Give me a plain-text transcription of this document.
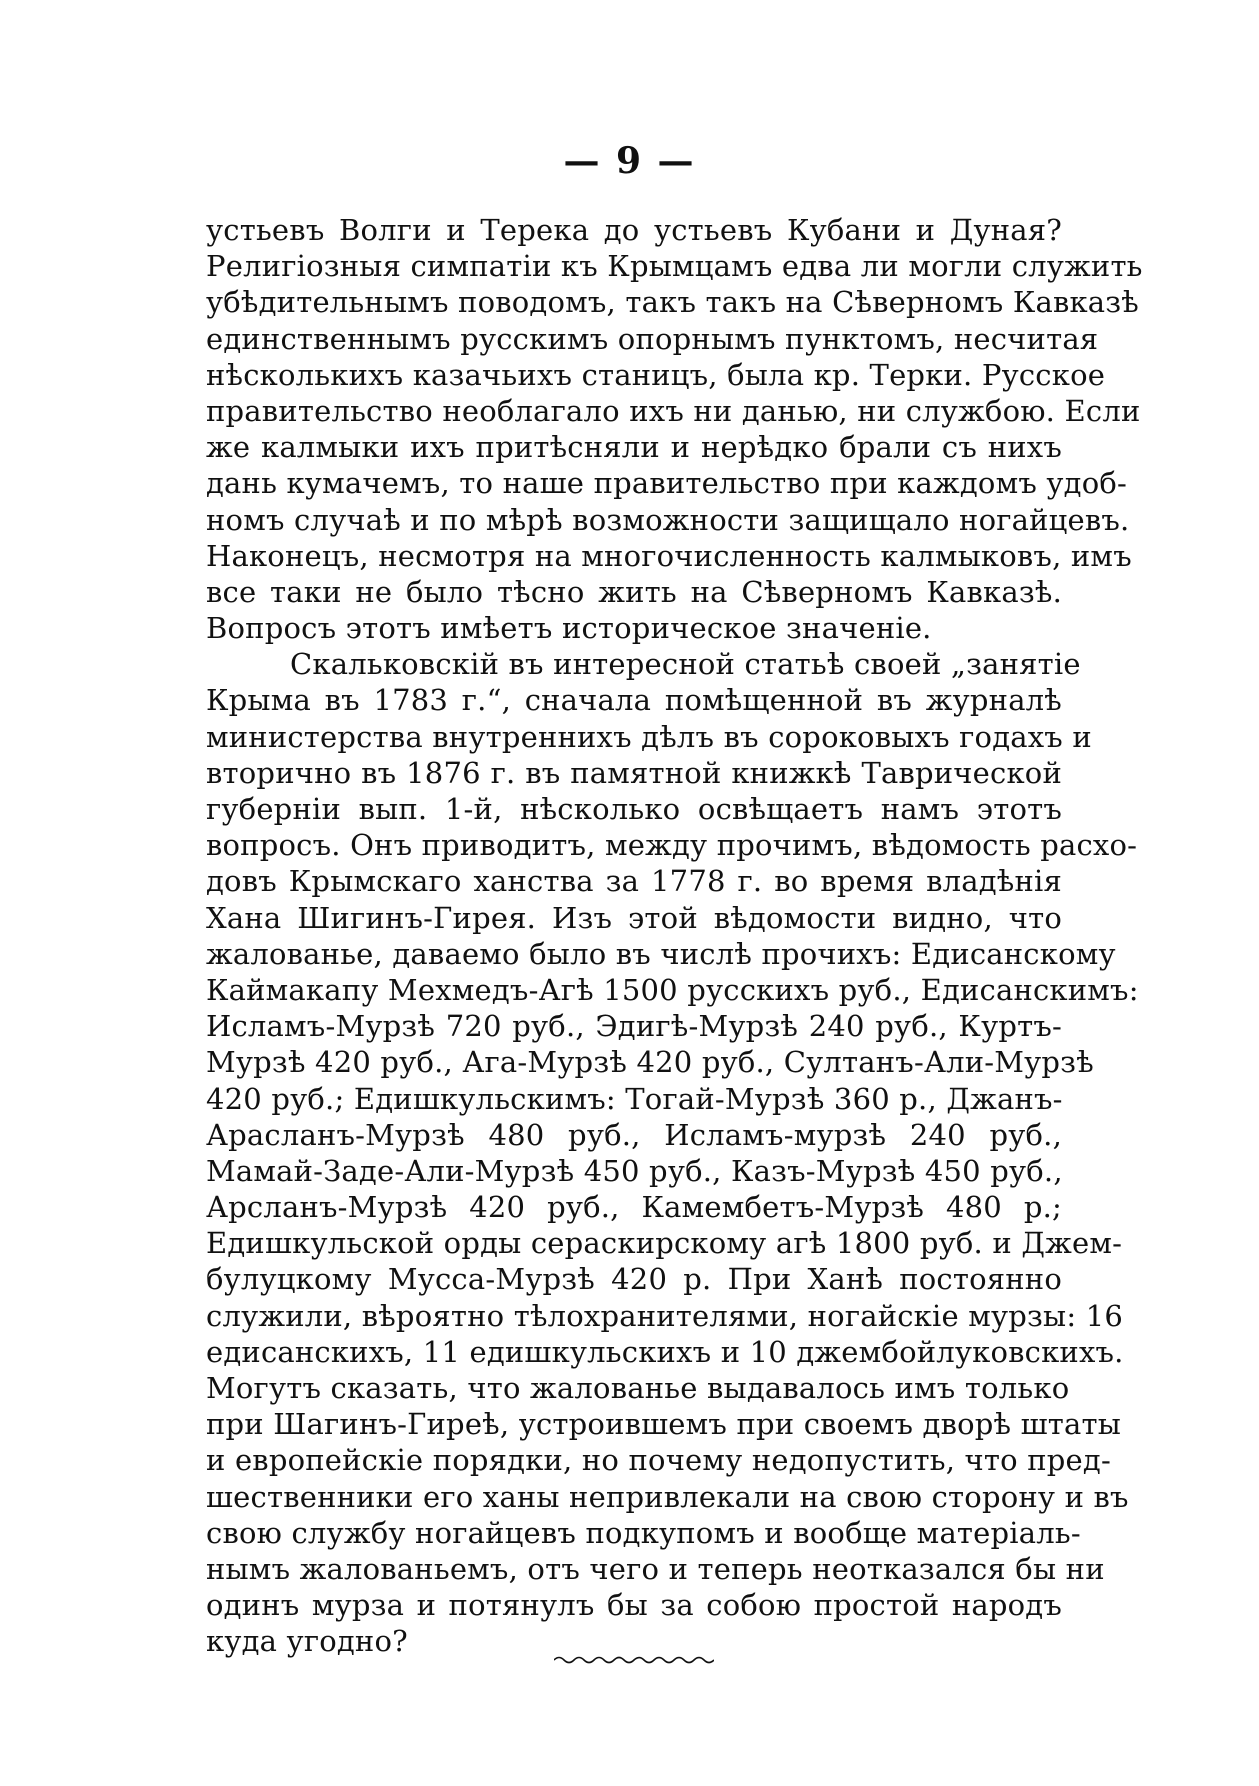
— 9 —
устьевъ Волги и Терека до устьевъ Кубани и Дуная?
Религіозныя симпатіи къ Крымцамъ едва ли могли служить
убѣдительнымъ поводомъ, такъ такъ на Сѣверномъ Кавказѣ
единственнымъ русскимъ опорнымъ пунктомъ, несчитая
нѣсколькихъ казачьихъ станицъ, была кр. Терки. Русское
правительство необлагало ихъ ни данью, ни службою. Если
же калмыки ихъ притѣсняли и нерѣдко брали съ нихъ
дань кумачемъ, то наше правительство при каждомъ удоб-
номъ случаѣ и по мѣрѣ возможности защищало ногайцевъ.
Наконецъ, несмотря на многочисленность калмыковъ, имъ
все таки не было тѣсно жить на Сѣверномъ Кавказѣ.
Вопросъ этотъ имѣетъ историческое значеніе.
Скальковскій въ интересной статьѣ своей „занятіе
Крыма въ 1783 г.“, сначала помѣщенной въ журналѣ
министерства внутреннихъ дѣлъ въ сороковыхъ годахъ и
вторично въ 1876 г. въ памятной книжкѣ Таврической
губерніи вып. 1-й, нѣсколько освѣщаетъ намъ этотъ
вопросъ. Онъ приводитъ, между прочимъ, вѣдомость расхо-
довъ Крымскаго ханства за 1778 г. во время владѣнія
Хана Шигинъ-Гирея. Изъ этой вѣдомости видно, что
жалованье, даваемо было въ числѣ прочихъ: Едисанскому
Каймакапу Мехмедъ-Агѣ 1500 русскихъ руб., Едисанскимъ:
Исламъ-Мурзѣ 720 руб., Эдигѣ-Мурзѣ 240 руб., Куртъ-
Мурзѣ 420 руб., Ага-Мурзѣ 420 руб., Султанъ-Али-Мурзѣ
420 руб.; Едишкульскимъ: Тогай-Мурзѣ 360 р., Джанъ-
Арасланъ-Мурзѣ 480 руб., Исламъ-мурзѣ 240 руб.,
Мамай-Заде-Али-Мурзѣ 450 руб., Казъ-Мурзѣ 450 руб.,
Арсланъ-Мурзѣ 420 руб., Камембетъ-Мурзѣ 480 р.;
Едишкульской орды сераскирскому агѣ 1800 руб. и Джем-
булуцкому Мусса-Мурзѣ 420 р. При Ханѣ постоянно
служили, вѣроятно тѣлохранителями, ногайскіе мурзы: 16
едисанскихъ, 11 едишкульскихъ и 10 джембойлуковскихъ.
Могутъ сказать, что жалованье выдавалось имъ только
при Шагинъ-Гиреѣ, устроившемъ при своемъ дворѣ штаты
и европейскіе порядки, но почему недопустить, что пред-
шественники его ханы непривлекали на свою сторону и въ
свою службу ногайцевъ подкупомъ и вообще матеріаль-
нымъ жалованьемъ, отъ чего и теперь неотказался бы ни
одинъ мурза и потянулъ бы за собою простой народъ
куда угодно?
